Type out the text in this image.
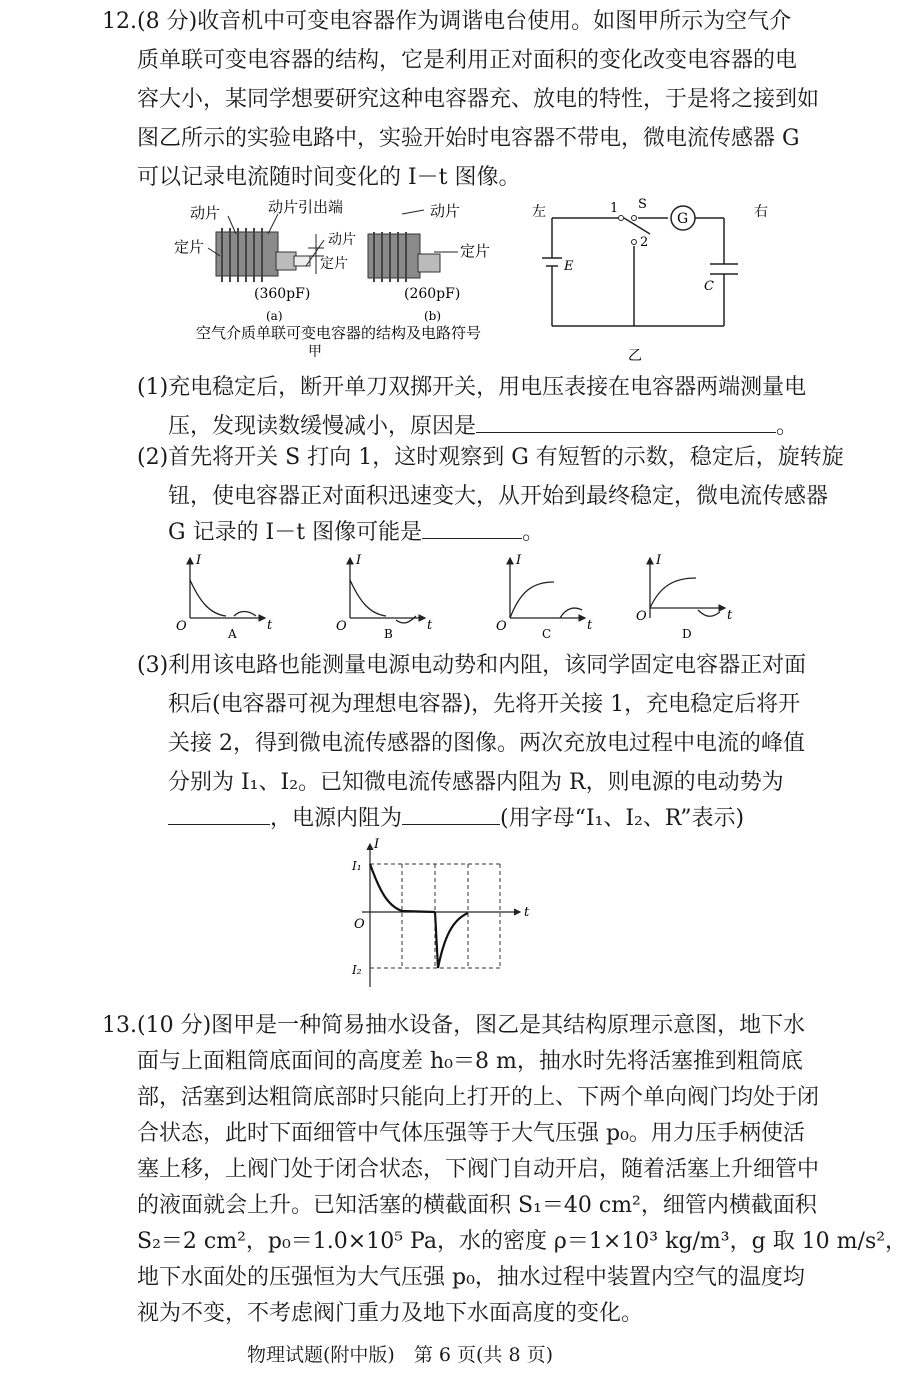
12.(8 分)收音机中可变电容器作为调谐电台使用。如图甲所示为空气介
质单联可变电容器的结构，它是利用正对面积的变化改变电容器的电
容大小，某同学想要研究这种电容器充、放电的特性，于是将之接到如
图乙所示的实验电路中，实验开始时电容器不带电，微电流传感器 G
可以记录电流随时间变化的 I－t 图像。
动片	动片引出端
定片
(360pF)
(a)
动片
定片
动片
定片
(260pF)
(b)
空气介质单联可变电容器的结构及电路符号
甲
左	右
1 S
2
G
E
C
乙
(1)充电稳定后，断开单刀双掷开关，用电压表接在电容器两端测量电
压，发现读数缓慢减小，原因是	。
(2)首先将开关 S 打向 1，这时观察到 G 有短暂的示数，稳定后，旋转旋
钮，使电容器正对面积迅速变大，从开始到最终稳定，微电流传感器
G 记录的 I－t 图像可能是	。
I
t
O	A
I
t
O	B
I
t
O	C
I
t
O
D
(3)利用该电路也能测量电源电动势和内阻，该同学固定电容器正对面
积后(电容器可视为理想电容器)，先将开关接 1，充电稳定后将开
关接 2，得到微电流传感器的图像。两次充放电过程中电流的峰值
分别为 I₁、I₂。已知微电流传感器内阻为 R，则电源的电动势为
，电源内阻为	(用字母“I₁、I₂、R”表示)
I
t
O
I₁
I₂
13.(10 分)图甲是一种简易抽水设备，图乙是其结构原理示意图，地下水
面与上面粗筒底面间的高度差 h₀＝8 m，抽水时先将活塞推到粗筒底
部，活塞到达粗筒底部时只能向上打开的上、下两个单向阀门均处于闭
合状态，此时下面细管中气体压强等于大气压强 p₀。用力压手柄使活
塞上移，上阀门处于闭合状态，下阀门自动开启，随着活塞上升细管中
的液面就会上升。已知活塞的横截面积 S₁＝40 cm²，细管内横截面积
S₂＝2 cm²，p₀＝1.0×10⁵ Pa，水的密度 ρ＝1×10³ kg/m³，g 取 10 m/s²，
地下水面处的压强恒为大气压强 p₀，抽水过程中装置内空气的温度均
视为不变，不考虑阀门重力及地下水面高度的变化。
物理试题(附中版)　第 6 页(共 8 页)
